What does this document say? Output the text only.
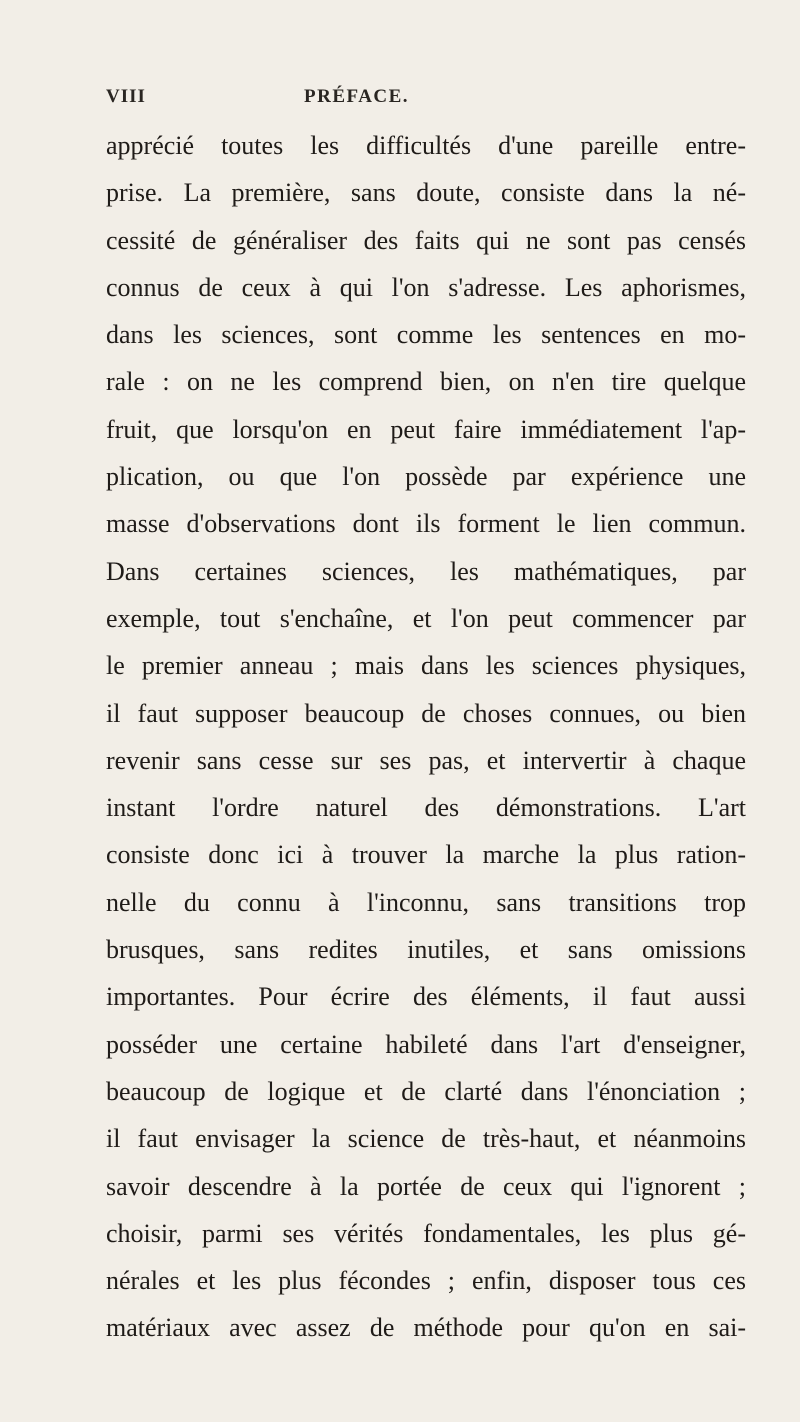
VIII	PRÉFACE.
apprécié toutes les difficultés d'une pareille entre-
prise. La première, sans doute, consiste dans la né-
cessité de généraliser des faits qui ne sont pas censés
connus de ceux à qui l'on s'adresse. Les aphorismes,
dans les sciences, sont comme les sentences en mo-
rale : on ne les comprend bien, on n'en tire quelque
fruit, que lorsqu'on en peut faire immédiatement l'ap-
plication, ou que l'on possède par expérience une
masse d'observations dont ils forment le lien commun.
Dans certaines sciences, les mathématiques, par
exemple, tout s'enchaîne, et l'on peut commencer par
le premier anneau ; mais dans les sciences physiques,
il faut supposer beaucoup de choses connues, ou bien
revenir sans cesse sur ses pas, et intervertir à chaque
instant l'ordre naturel des démonstrations. L'art
consiste donc ici à trouver la marche la plus ration-
nelle du connu à l'inconnu, sans transitions trop
brusques, sans redites inutiles, et sans omissions
importantes. Pour écrire des éléments, il faut aussi
posséder une certaine habileté dans l'art d'enseigner,
beaucoup de logique et de clarté dans l'énonciation ;
il faut envisager la science de très-haut, et néanmoins
savoir descendre à la portée de ceux qui l'ignorent ;
choisir, parmi ses vérités fondamentales, les plus gé-
nérales et les plus fécondes ; enfin, disposer tous ces
matériaux avec assez de méthode pour qu'on en sai-
